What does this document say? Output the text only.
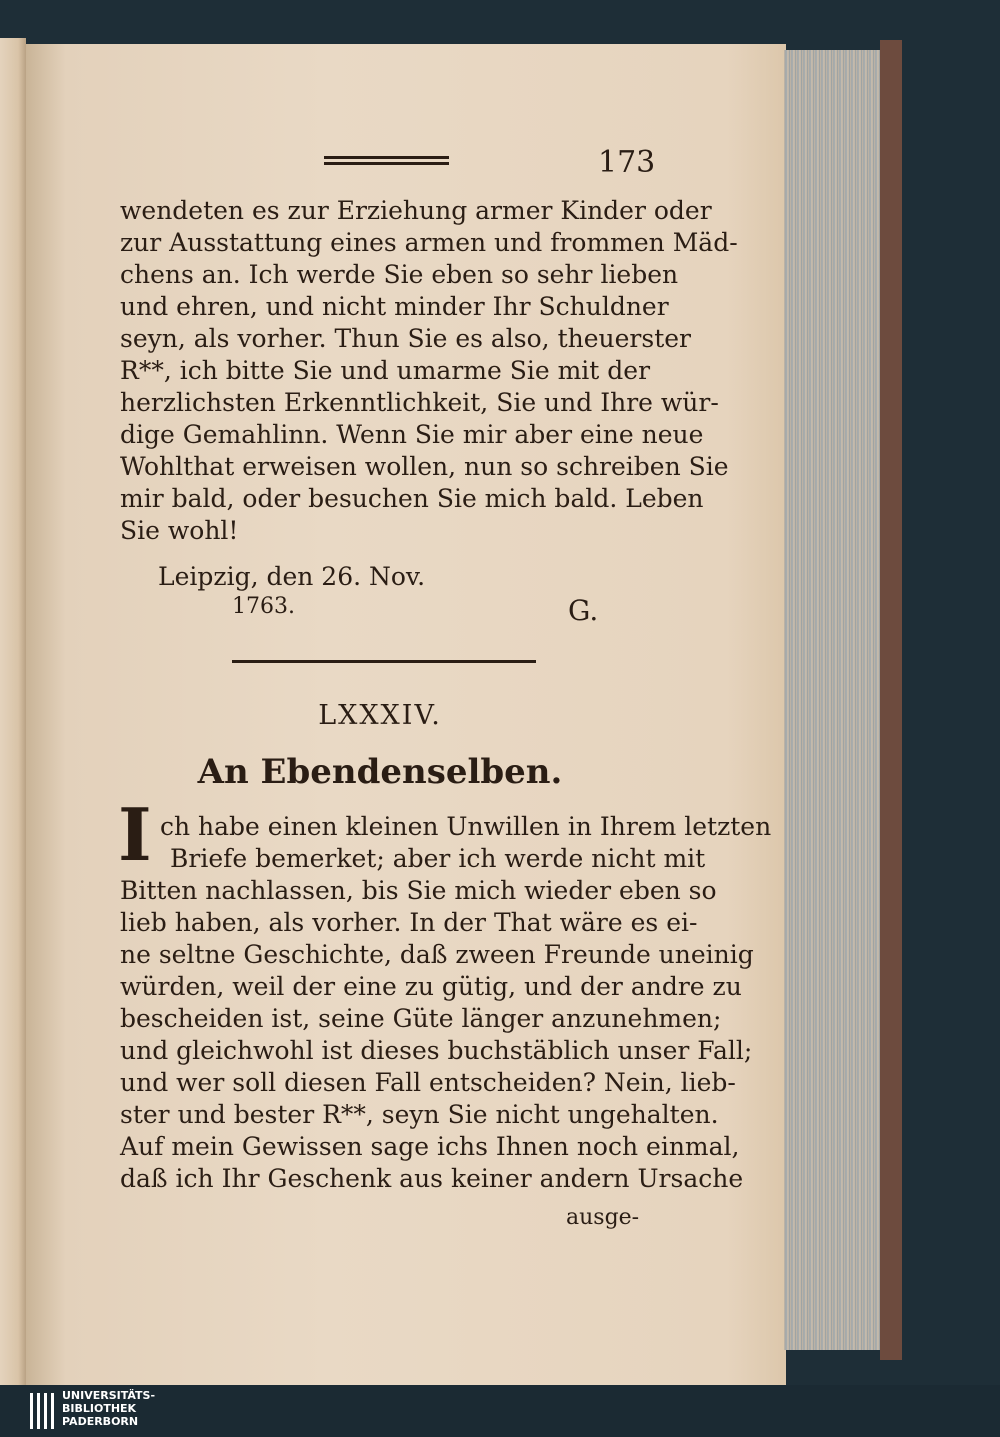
173
wendeten es zur Erziehung armer Kinder oder
zur Ausstattung eines armen und frommen Mäd-
chens an. Ich werde Sie eben so sehr lieben
und ehren, und nicht minder Ihr Schuldner
seyn, als vorher. Thun Sie es also, theuerster
R**, ich bitte Sie und umarme Sie mit der
herzlichsten Erkenntlichkeit, Sie und Ihre wür-
dige Gemahlinn. Wenn Sie mir aber eine neue
Wohlthat erweisen wollen, nun so schreiben Sie
mir bald, oder besuchen Sie mich bald. Leben
Sie wohl!
Leipzig, den 26. Nov.
1763.	G.
LXXXIV.
An Ebendenselben.
I ch habe einen kleinen Unwillen in Ihrem letzten
Briefe bemerket; aber ich werde nicht mit
Bitten nachlassen, bis Sie mich wieder eben so
lieb haben, als vorher. In der That wäre es ei-
ne seltne Geschichte, daß zween Freunde uneinig
würden, weil der eine zu gütig, und der andre zu
bescheiden ist, seine Güte länger anzunehmen;
und gleichwohl ist dieses buchstäblich unser Fall;
und wer soll diesen Fall entscheiden? Nein, lieb-
ster und bester R**, seyn Sie nicht ungehalten.
Auf mein Gewissen sage ichs Ihnen noch einmal,
daß ich Ihr Geschenk aus keiner andern Ursache
ausge-
UNIVERSITÄTS-
BIBLIOTHEK
PADERBORN
